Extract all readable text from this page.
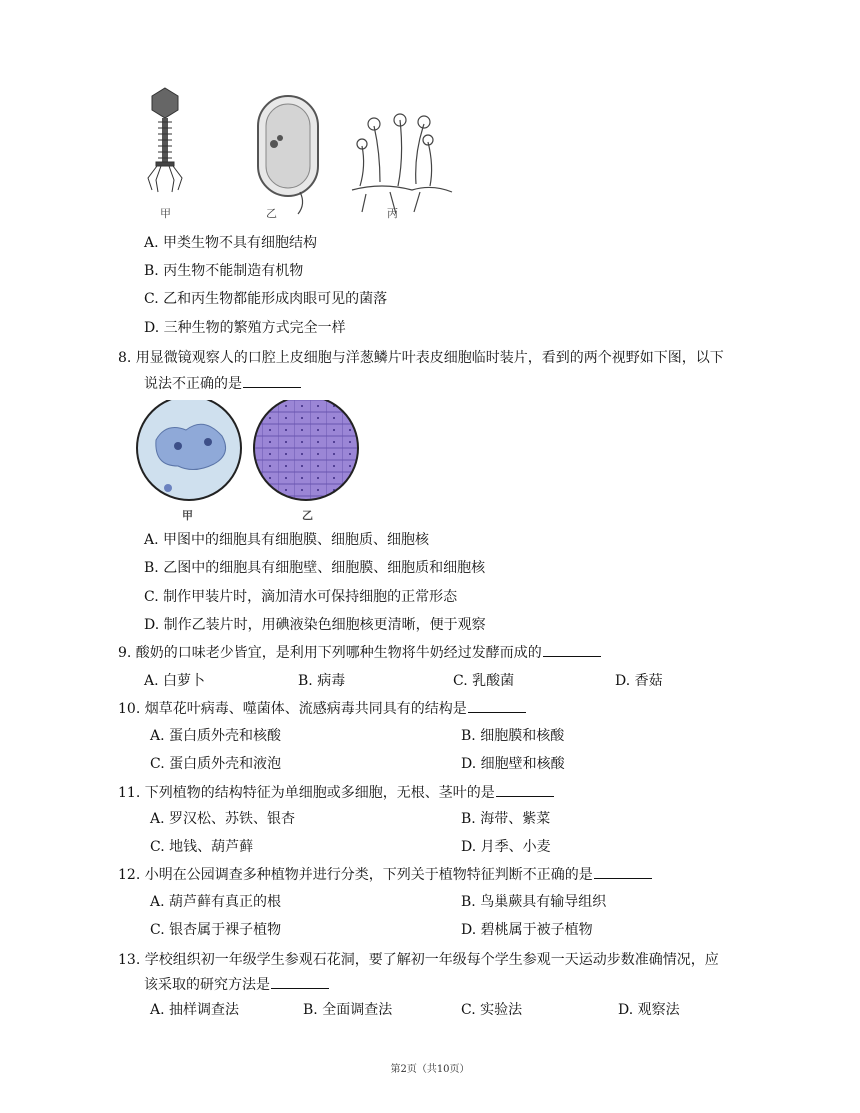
甲	乙	丙
A. 甲类生物不具有细胞结构
B. 丙生物不能制造有机物
C. 乙和丙生物都能形成肉眼可见的菌落
D. 三种生物的繁殖方式完全一样
8. 用显微镜观察人的口腔上皮细胞与洋葱鳞片叶表皮细胞临时装片，看到的两个视野如下图，以下
说法不正确的是
甲	乙
A. 甲图中的细胞具有细胞膜、细胞质、细胞核
B. 乙图中的细胞具有细胞壁、细胞膜、细胞质和细胞核
C. 制作甲装片时，滴加清水可保持细胞的正常形态
D. 制作乙装片时，用碘液染色细胞核更清晰，便于观察
9. 酸奶的口味老少皆宜，是利用下列哪种生物将牛奶经过发酵而成的
A. 白萝卜	B. 病毒	C. 乳酸菌	D. 香菇
10. 烟草花叶病毒、噬菌体、流感病毒共同具有的结构是
A. 蛋白质外壳和核酸	B. 细胞膜和核酸
C. 蛋白质外壳和液泡	D. 细胞壁和核酸
11. 下列植物的结构特征为单细胞或多细胞，无根、茎叶的是
A. 罗汉松、苏铁、银杏	B. 海带、紫菜
C. 地钱、葫芦藓	D. 月季、小麦
12. 小明在公园调查多种植物并进行分类，下列关于植物特征判断不正确的是
A. 葫芦藓有真正的根	B. 鸟巢蕨具有输导组织
C. 银杏属于裸子植物	D. 碧桃属于被子植物
13. 学校组织初一年级学生参观石花洞，要了解初一年级每个学生参观一天运动步数准确情况，应
该采取的研究方法是
A. 抽样调查法	B. 全面调查法	C. 实验法	D. 观察法
第2页（共10页）
